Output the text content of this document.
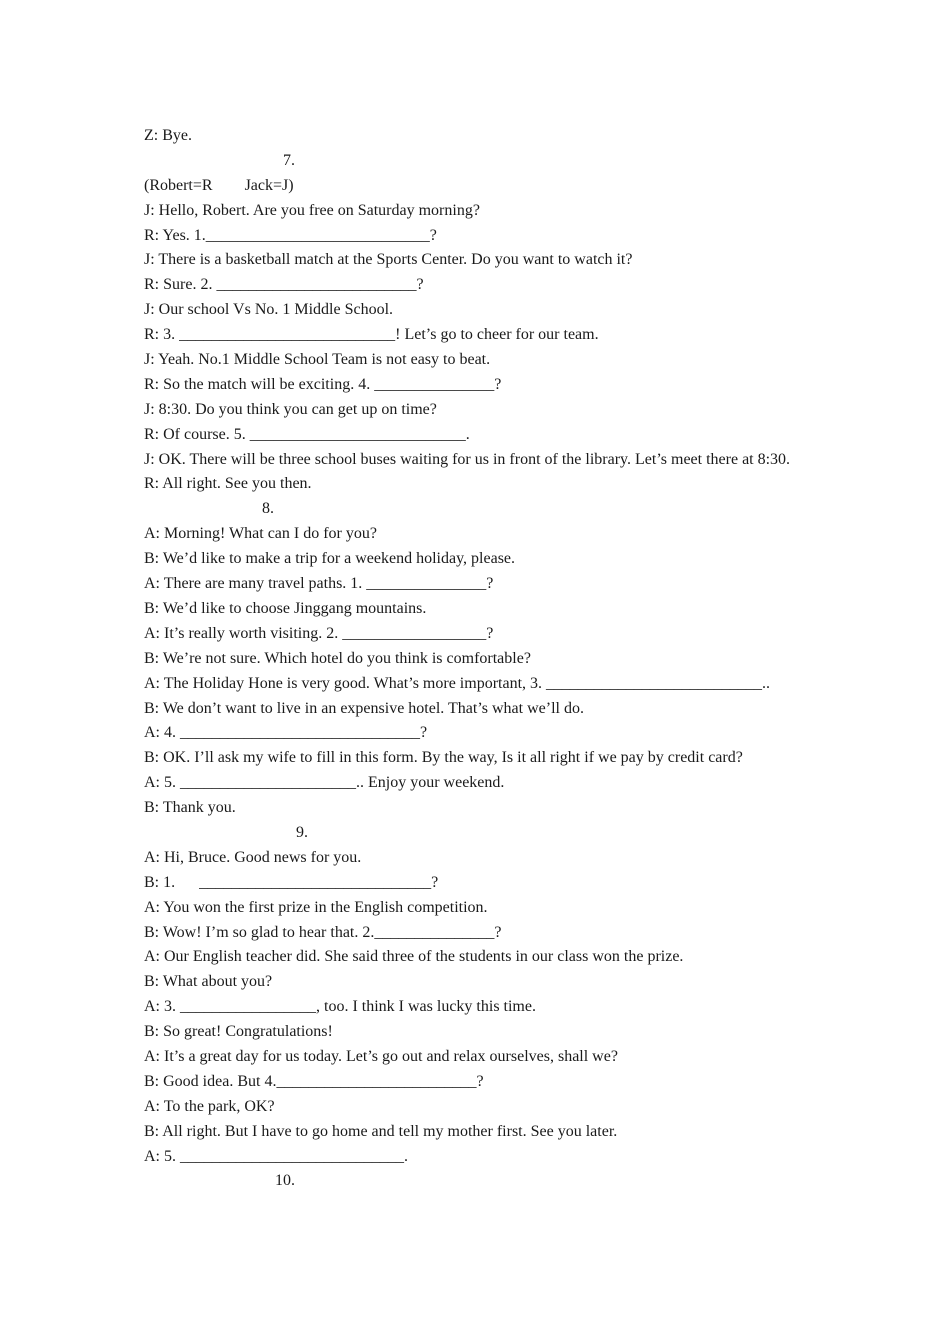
Z: Bye.
7.
(Robert=R        Jack=J)
J: Hello, Robert. Are you free on Saturday morning?
R: Yes. 1.____________________________?
J: There is a basketball match at the Sports Center. Do you want to watch it?
R: Sure. 2. _________________________?
J: Our school Vs No. 1 Middle School.
R: 3. ___________________________! Let’s go to cheer for our team.
J: Yeah. No.1 Middle School Team is not easy to beat.
R: So the match will be exciting. 4. _______________?
J: 8:30. Do you think you can get up on time?
R: Of course. 5. ___________________________.
J: OK. There will be three school buses waiting for us in front of the library. Let’s meet there at 8:30.
R: All right. See you then.
8.
A: Morning! What can I do for you?
B: We’d like to make a trip for a weekend holiday, please.
A: There are many travel paths. 1. _______________?
B: We’d like to choose Jinggang mountains.
A: It’s really worth visiting. 2. __________________?
B: We’re not sure. Which hotel do you think is comfortable?
A: The Holiday Hone is very good. What’s more important, 3. ___________________________..
B: We don’t want to live in an expensive hotel. That’s what we’ll do.
A: 4. ______________________________?
B: OK. I’ll ask my wife to fill in this form. By the way, Is it all right if we pay by credit card?
A: 5. ______________________.. Enjoy your weekend.
B: Thank you.
9.
A: Hi, Bruce. Good news for you.
B: 1.      _____________________________?
A: You won the first prize in the English competition.
B: Wow! I’m so glad to hear that. 2._______________?
A: Our English teacher did. She said three of the students in our class won the prize.
B: What about you?
A: 3. _________________, too. I think I was lucky this time.
B: So great! Congratulations!
A: It’s a great day for us today. Let’s go out and relax ourselves, shall we?
B: Good idea. But 4._________________________?
A: To the park, OK?
B: All right. But I have to go home and tell my mother first. See you later.
A: 5. ____________________________.
10.
